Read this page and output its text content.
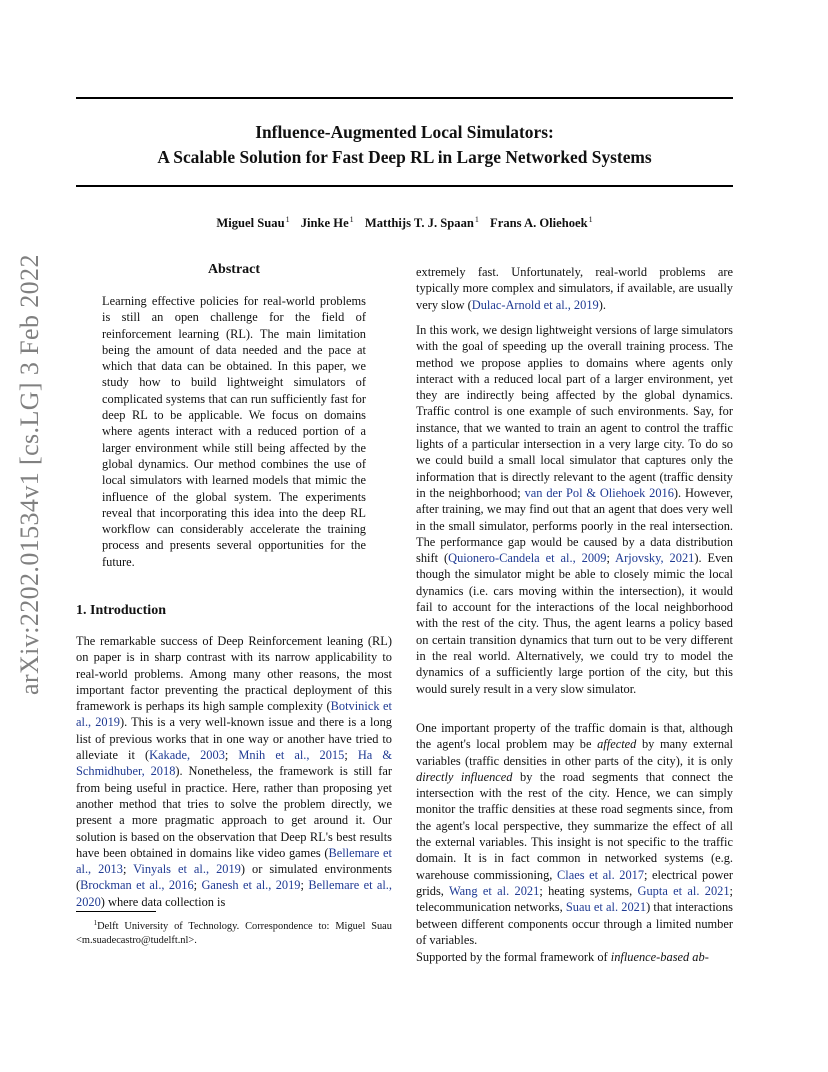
Influence-Augmented Local Simulators:
A Scalable Solution for Fast Deep RL in Large Networked Systems
Miguel Suau$^1$ Jinke He$^1$ Matthijs T. J. Spaan$^1$ Frans A. Oliehoek$^1$
arXiv:2202.01534v1 [cs.LG] 3 Feb 2022	Abstract
Learning effective policies for real-world problems is still an open challenge for the field of reinforcement learning (RL). The main limitation being the amount of data needed and the pace at which that data can be obtained. In this paper, we study how to build lightweight simulators of complicated systems that can run sufficiently fast for deep RL to be applicable. We focus on domains where agents interact with a reduced portion of a larger environment while still being affected by the global dynamics. Our method combines the use of local simulators with learned models that mimic the influence of the global system. The experiments reveal that incorporating this idea into the deep RL workflow can considerably accelerate the training process and presents several opportunities for the future.
1. Introduction
The remarkable success of Deep Reinforcement leaning (RL) on paper is in sharp contrast with its narrow applicability to real-world problems. Among many other reasons, the most important factor preventing the practical deployment of this framework is perhaps its high sample complexity (Botvinick et al., 2019). This is a very well-known issue and there is a long list of previous works that in one way or another have tried to alleviate it (Kakade, 2003; Mnih et al., 2015; Ha & Schmidhuber, 2018). Nonetheless, the framework is still far from being useful in practice. Here, rather than proposing yet another method that tries to solve the problem directly, we present a more pragmatic approach to get around it. Our solution is based on the observation that Deep RL's best results have been obtained in domains like video games (Bellemare et al., 2013; Vinyals et al., 2019) or simulated environments (Brockman et al., 2016; Ganesh et al., 2019; Bellemare et al., 2020) where data collection is
$^1$Delft University of Technology. Correspondence to: Miguel Suau <m.suadecastro@tudelft.nl>.
extremely fast. Unfortunately, real-world problems are typically more complex and simulators, if available, are usually very slow (Dulac-Arnold et al., 2019).
In this work, we design lightweight versions of large simulators with the goal of speeding up the overall training process. The method we propose applies to domains where agents only interact with a reduced local part of a larger environment, yet they are indirectly being affected by the global dynamics. Traffic control is one example of such environments. Say, for instance, that we wanted to train an agent to control the traffic lights of a particular intersection in a very large city. To do so we could build a small local simulator that captures only the information that is directly relevant to the agent (traffic density in the neighborhood; van der Pol & Oliehoek 2016). However, after training, we may find out that an agent that does very well in the small simulator, performs poorly in the real intersection. The performance gap would be caused by a data distribution shift (Quionero-Candela et al., 2009; Arjovsky, 2021). Even though the simulator might be able to closely mimic the local dynamics (i.e. cars moving within the intersection), it would fail to account for the interactions of the local neighborhood with the rest of the city. Thus, the agent learns a policy based on certain transition dynamics that turn out to be very different in the real world. Alternatively, we could try to model the dynamics of a sufficiently large portion of the city, but this would surely result in a very slow simulator.
One important property of the traffic domain is that, although the agent's local problem may be affected by many external variables (traffic densities in other parts of the city), it is only directly influenced by the road segments that connect the intersection with the rest of the city. Hence, we can simply monitor the traffic densities at these road segments since, from the agent's local perspective, they summarize the effect of all the external variables. This insight is not specific to the traffic domain. It is in fact common in networked systems (e.g. warehouse commissioning, Claes et al. 2017; electrical power grids, Wang et al. 2021; heating systems, Gupta et al. 2021; telecommunication networks, Suau et al. 2021) that interactions between different components occur through a limited number of variables.
Supported by the formal framework of influence-based ab-
